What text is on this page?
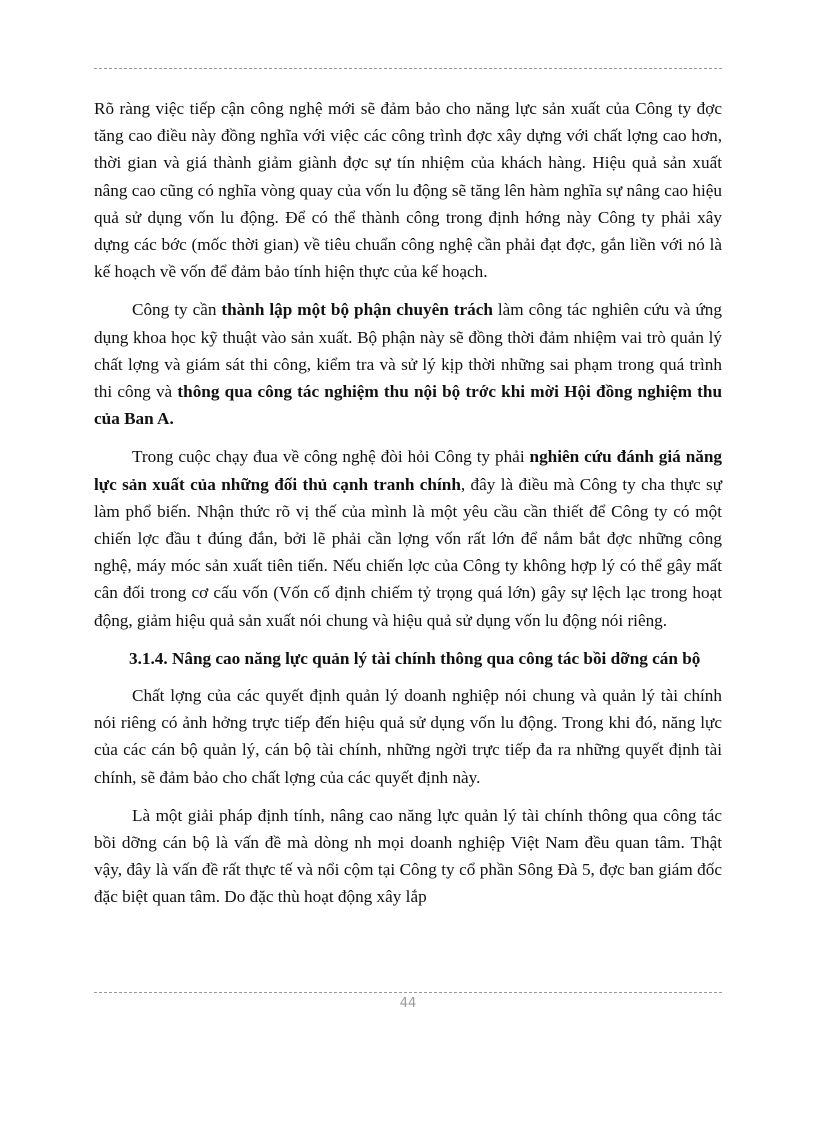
Rõ ràng việc tiếp cận công nghệ mới sẽ đảm bảo cho năng lực sản xuất của Công ty đợc tăng cao điều này đồng nghĩa với việc các công trình đợc xây dựng với chất lợng cao hơn, thời gian và giá thành giảm giành đợc sự tín nhiệm của khách hàng. Hiệu quả sản xuất nâng cao cũng có nghĩa vòng quay của vốn lu động sẽ tăng lên hàm nghĩa sự nâng cao hiệu quả sử dụng vốn lu động. Để có thể thành công trong định hớng này Công ty phải xây dựng các bớc (mốc thời gian) về tiêu chuẩn công nghệ cần phải đạt đợc, gắn liền với nó là kế hoạch về vốn để đảm bảo tính hiện thực của kế hoạch.

Công ty cần thành lập một bộ phận chuyên trách làm công tác nghiên cứu và ứng dụng khoa học kỹ thuật vào sản xuất. Bộ phận này sẽ đồng thời đảm nhiệm vai trò quản lý chất lợng và giám sát thi công, kiểm tra và sử lý kịp thời những sai phạm trong quá trình thi công và thông qua công tác nghiệm thu nội bộ trớc khi mời Hội đồng nghiệm thu của Ban A.

Trong cuộc chạy đua về công nghệ đòi hỏi Công ty phải nghiên cứu đánh giá năng lực sản xuất của những đối thủ cạnh tranh chính, đây là điều mà Công ty cha thực sự làm phổ biến. Nhận thức rõ vị thế của mình là một yêu cầu cần thiết để Công ty có một chiến lợc đầu t đúng đắn, bởi lẽ phải cần lợng vốn rất lớn để nắm bắt đợc những công nghệ, máy móc sản xuất tiên tiến. Nếu chiến lợc của Công ty không hợp lý có thể gây mất cân đối trong cơ cấu vốn (Vốn cố định chiếm tỷ trọng quá lớn) gây sự lệch lạc trong hoạt động, giảm hiệu quả sản xuất nói chung và hiệu quả sử dụng vốn lu động nói riêng.

3.1.4. Nâng cao năng lực quản lý tài chính thông qua công tác bồi dỡng cán bộ

Chất lợng của các quyết định quản lý doanh nghiệp nói chung và quản lý tài chính nói riêng có ảnh hởng trực tiếp đến hiệu quả sử dụng vốn lu động. Trong khi đó, năng lực của các cán bộ quản lý, cán bộ tài chính, những ngời trực tiếp đa ra những quyết định tài chính, sẽ đảm bảo cho chất lợng của các quyết định này.

Là một giải pháp định tính, nâng cao năng lực quản lý tài chính thông qua công tác bồi dỡng cán bộ là vấn đề mà dòng nh mọi doanh nghiệp Việt Nam đều quan tâm. Thật vậy, đây là vấn đề rất thực tế và nổi cộm tại Công ty cổ phần Sông Đà 5, đợc ban giám đốc đặc biệt quan tâm. Do đặc thù hoạt động xây lắp

44
